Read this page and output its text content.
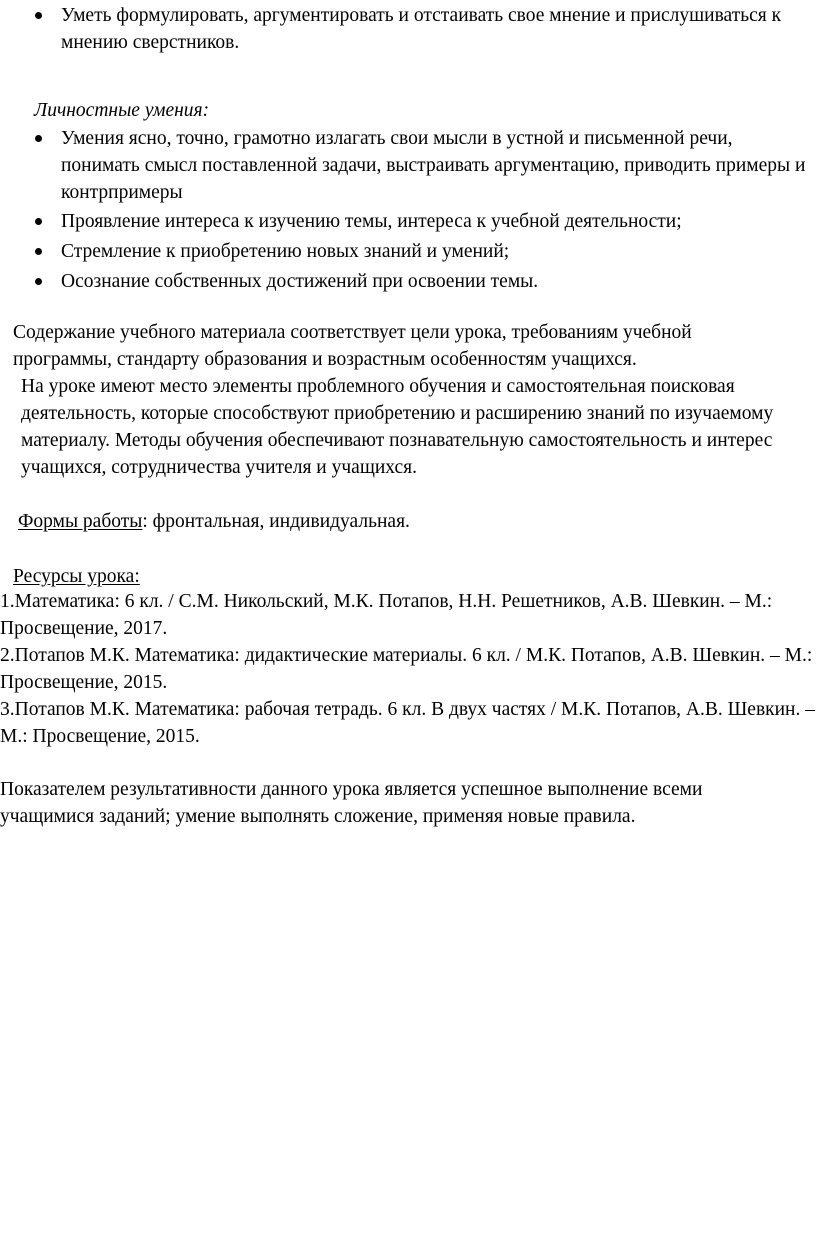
Уметь формулировать, аргументировать и отстаивать свое мнение и прислушиваться к мнению сверстников.

Личностные умения:

Умения ясно, точно, грамотно излагать свои мысли в устной и письменной речи, понимать смысл поставленной задачи, выстраивать аргументацию, приводить примеры и контрпримеры
Проявление интереса к изучению темы, интереса к учебной деятельности;
Стремление к приобретению новых знаний и умений;
Осознание собственных достижений при освоении темы.

Содержание учебного материала соответствует цели урока, требованиям учебной программы, стандарту образования и возрастным особенностям учащихся.

На уроке имеют место элементы проблемного обучения и самостоятельная поисковая деятельность, которые способствуют приобретению и расширению знаний по изучаемому материалу. Методы обучения обеспечивают познавательную самостоятельность и интерес учащихся, сотрудничества учителя и учащихся.

Формы работы: фронтальная, индивидуальная.

Ресурсы урока:

1.Математика: 6 кл. / С.М. Никольский, М.К. Потапов, Н.Н. Решетников, А.В. Шевкин. – М.: Просвещение, 2017.

2.Потапов М.К. Математика: дидактические материалы. 6 кл. / М.К. Потапов, А.В. Шевкин. – М.: Просвещение, 2015.

3.Потапов М.К. Математика: рабочая тетрадь. 6 кл. В двух частях / М.К. Потапов, А.В. Шевкин. – М.: Просвещение, 2015.

Показателем результативности данного урока является успешное выполнение всеми учащимися заданий; умение выполнять сложение, применяя новые правила.
